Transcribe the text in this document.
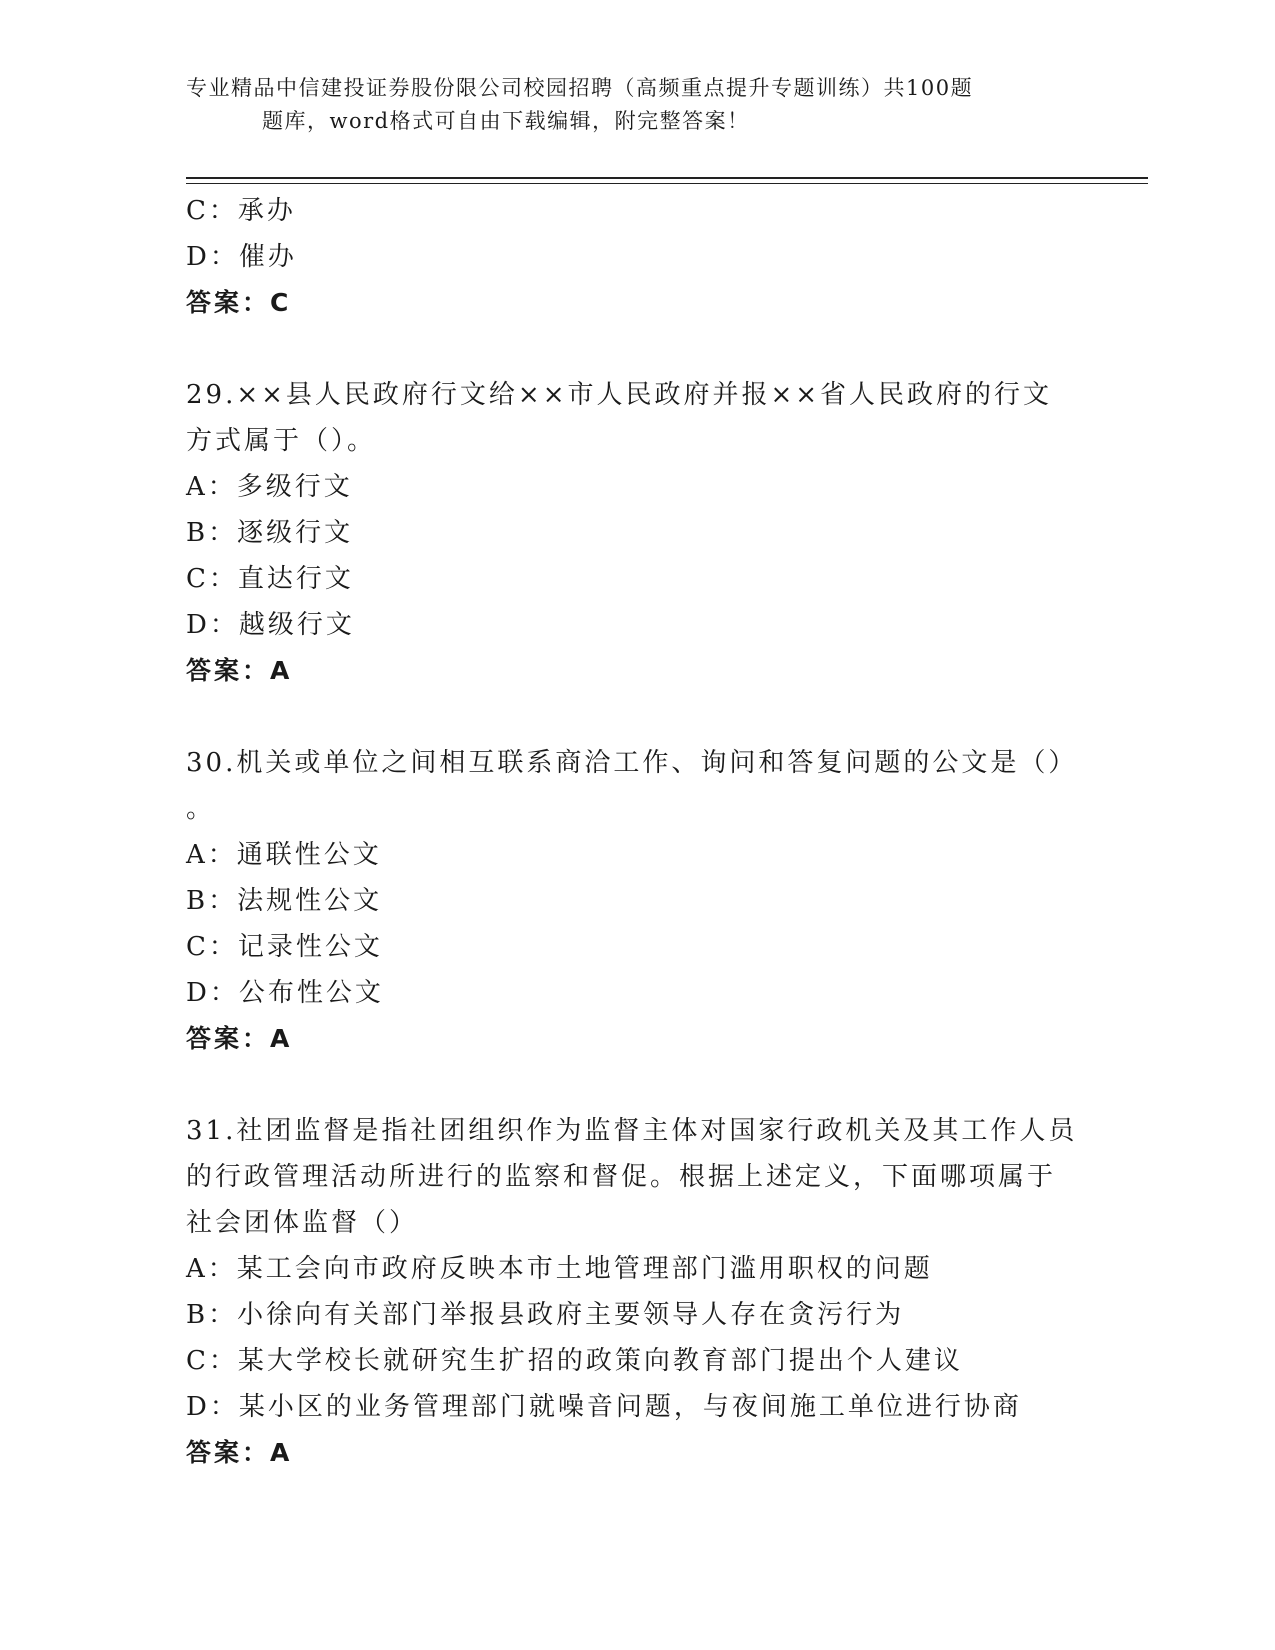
专业精品中信建投证券股份限公司校园招聘（高频重点提升专题训练）共100题
题库，word格式可自由下载编辑，附完整答案！
C：承办
D：催办
答案：C
29.××县人民政府行文给××市人民政府并报××省人民政府的行文
方式属于（）。
A：多级行文
B：逐级行文
C：直达行文
D：越级行文
答案：A
30.机关或单位之间相互联系商洽工作、询问和答复问题的公文是（）
。
A：通联性公文
B：法规性公文
C：记录性公文
D：公布性公文
答案：A
31.社团监督是指社团组织作为监督主体对国家行政机关及其工作人员
的行政管理活动所进行的监察和督促。根据上述定义，下面哪项属于
社会团体监督（）
A：某工会向市政府反映本市土地管理部门滥用职权的问题
B：小徐向有关部门举报县政府主要领导人存在贪污行为
C：某大学校长就研究生扩招的政策向教育部门提出个人建议
D：某小区的业务管理部门就噪音问题，与夜间施工单位进行协商
答案：A
